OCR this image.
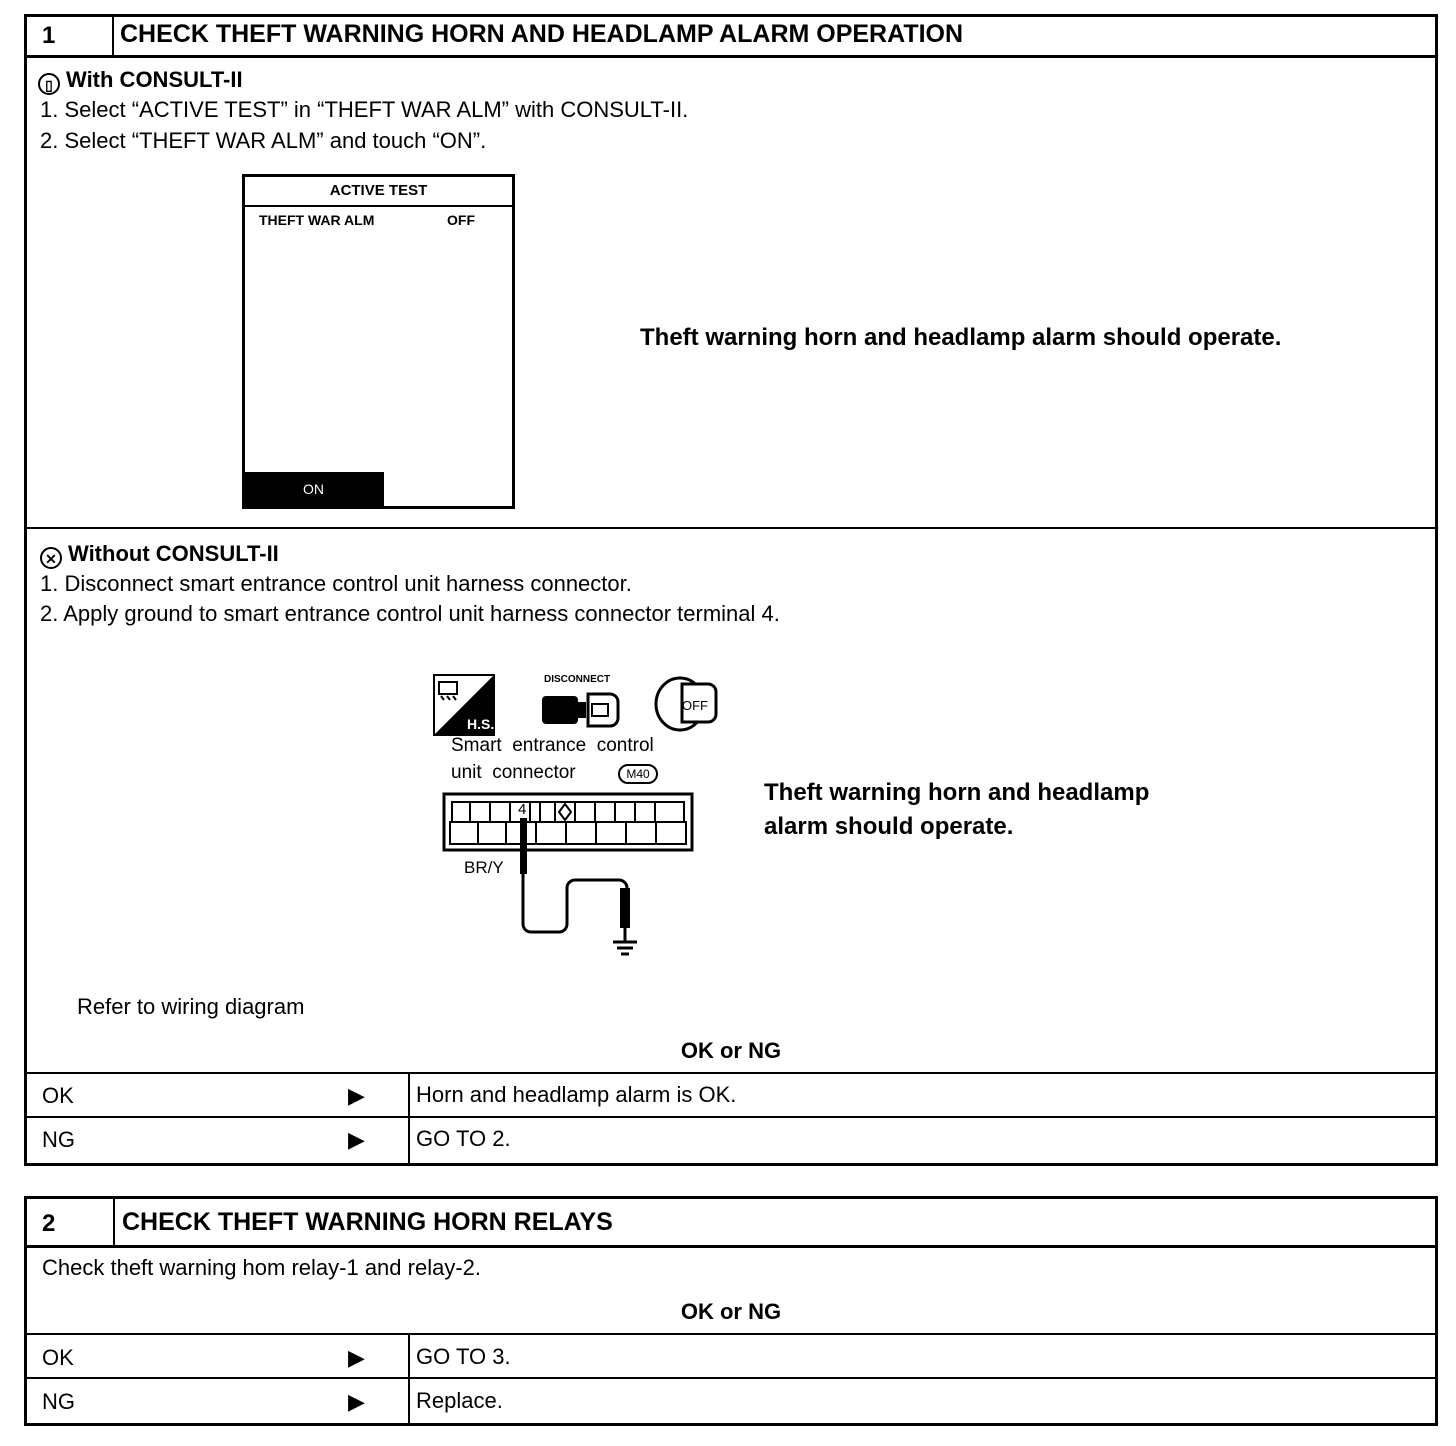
1	CHECK THEFT WARNING HORN AND HEADLAMP ALARM OPERATION
▯ With CONSULT-II
1. Select “ACTIVE TEST” in “THEFT WAR ALM” with CONSULT-II.
2. Select “THEFT WAR ALM” and touch “ON”.
ACTIVE TEST
THEFT WAR ALM	OFF
ON
Theft warning horn and headlamp alarm should operate.
✕ Without CONSULT-II
1. Disconnect smart entrance control unit harness connector.
2. Apply ground to smart entrance control unit harness connector terminal 4.
H.S.
DISCONNECT
OFF
Smart  entrance  control
unit  connector	M40
4
BR/Y
Theft warning horn and headlamp
alarm should operate.
Refer to wiring diagram
OK or NG
OK	▶ Horn and headlamp alarm is OK.
NG	▶ GO TO 2.
2	CHECK THEFT WARNING HORN RELAYS
Check theft warning hom relay-1 and relay-2.
OK or NG
OK	▶ GO TO 3.
NG	▶ Replace.
